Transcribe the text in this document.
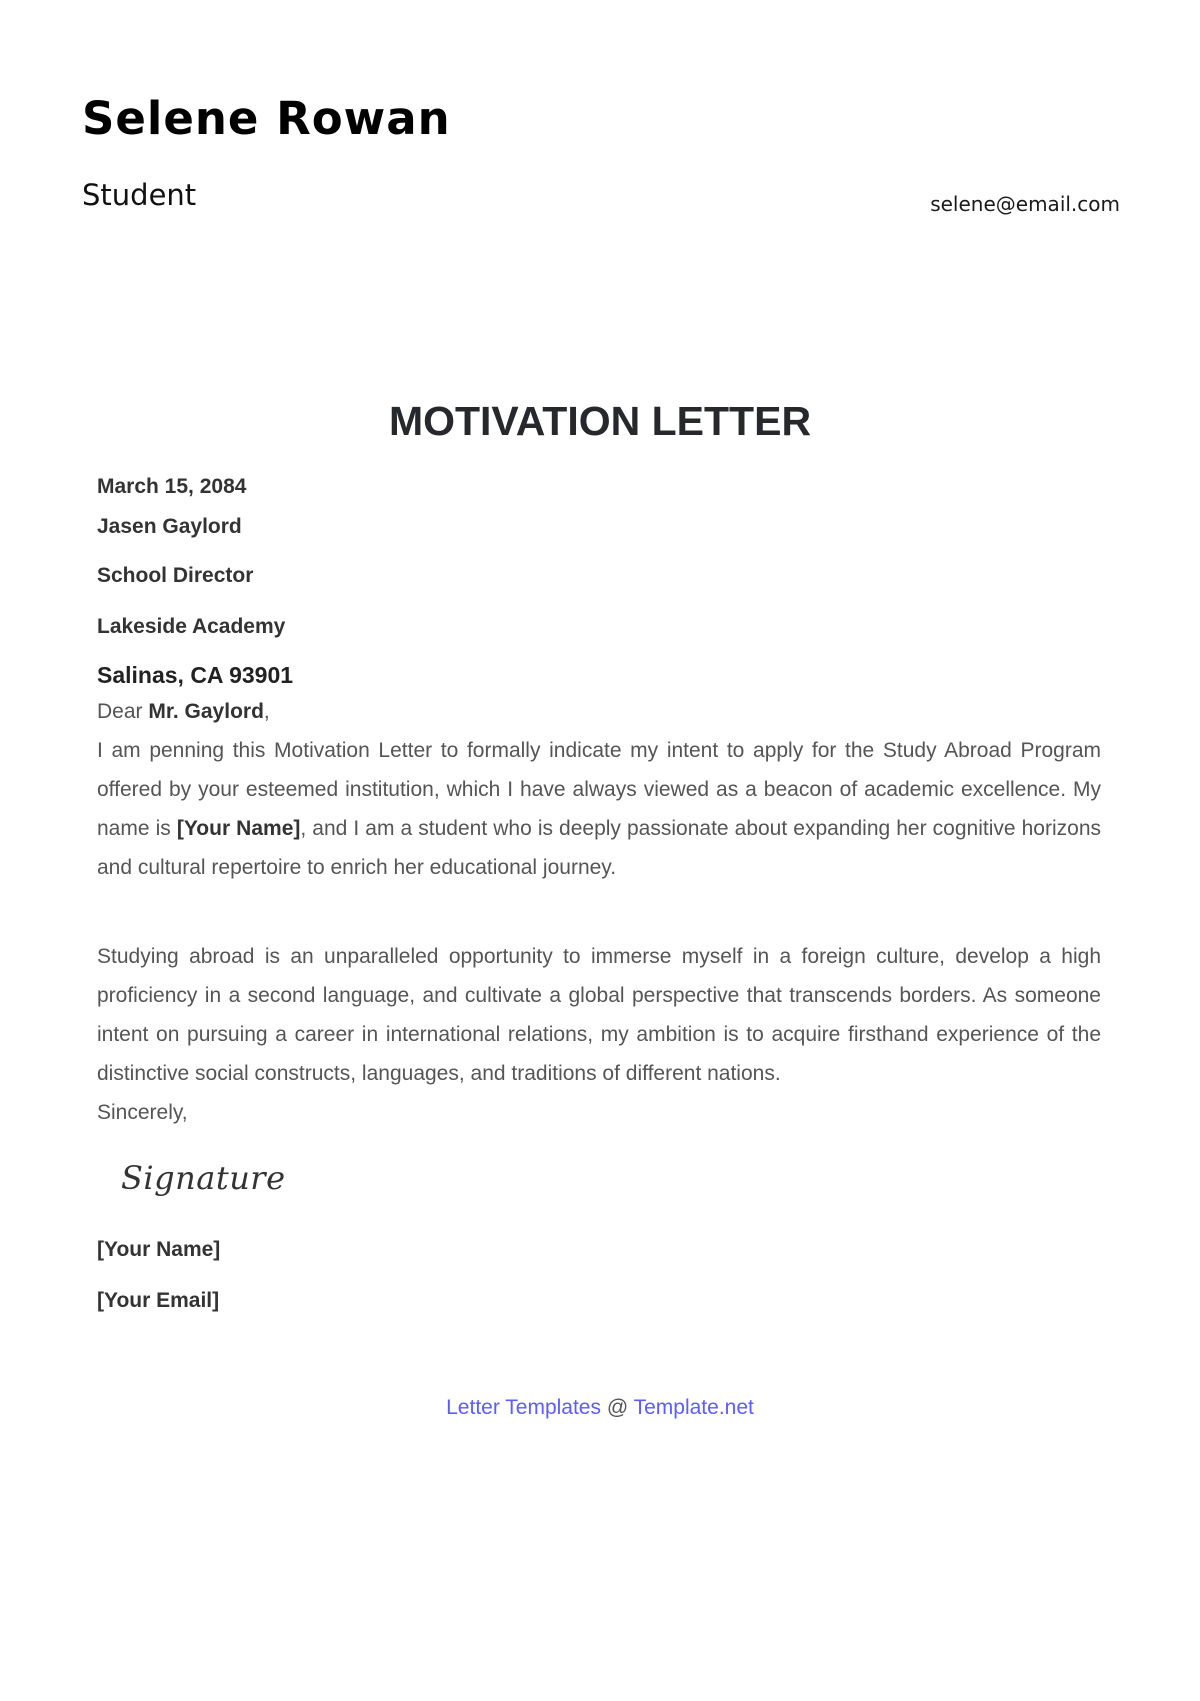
Selene Rowan
Student	selene@email.com
MOTIVATION LETTER
March 15, 2084
Jasen Gaylord
School Director
Lakeside Academy
Salinas, CA 93901
Dear Mr. Gaylord,

I am penning this Motivation Letter to formally indicate my intent to apply for the Study Abroad Program offered by your esteemed institution, which I have always viewed as a beacon of academic excellence. My name is [Your Name], and I am a student who is deeply passionate about expanding her cognitive horizons and cultural repertoire to enrich her educational journey.

Studying abroad is an unparalleled opportunity to immerse myself in a foreign culture, develop a high proficiency in a second language, and cultivate a global perspective that transcends borders. As someone intent on pursuing a career in international relations, my ambition is to acquire firsthand experience of the distinctive social constructs, languages, and traditions of different nations.

Sincerely,
Signature
[Your Name]
[Your Email]
Letter Templates @ Template.net
